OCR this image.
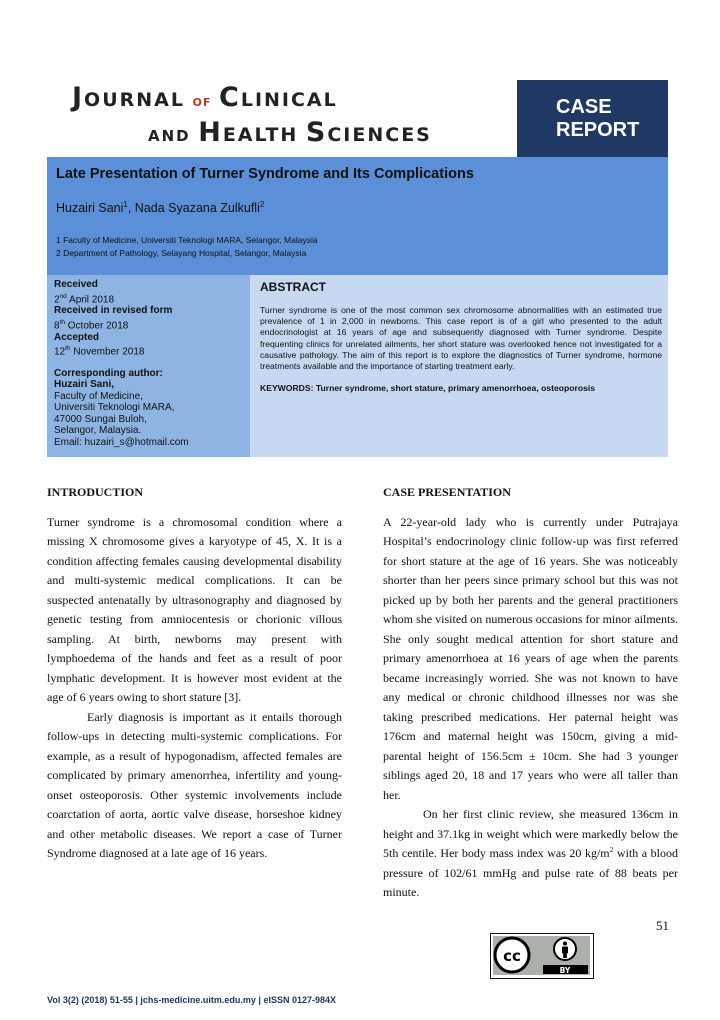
JOURNAL OF CLINICAL
AND HEALTH SCIENCES
CASE
REPORT
Late Presentation of Turner Syndrome and Its Complications
Huzairi Sani$^1$, Nada Syazana Zulkufli$^2$
1 Faculty of Medicine, Universiti Teknologi MARA, Selangor, Malaysia
2 Department of Pathology, Selayang Hospital, Selangor, Malaysia
Received
2nd April 2018
Received in revised form
8th October 2018
Accepted
12th November 2018
Corresponding author:
Huzairi Sani,
Faculty of Medicine,
Universiti Teknologi MARA,
47000 Sungai Buloh,
Selangor, Malaysia.
Email: huzairi_s@hotmail.com
ABSTRACT

Turner syndrome is one of the most common sex chromosome abnormalities with an estimated true prevalence of 1 in 2,000 in newborns. This case report is of a girl who presented to the adult endocrinologist at 16 years of age and subsequently diagnosed with Turner syndrome. Despite frequenting clinics for unrelated ailments, her short stature was overlooked hence not investigated for a causative pathology. The aim of this report is to explore the diagnostics of Turner syndrome, hormone treatments available and the importance of starting treatment early.

KEYWORDS: Turner syndrome, short stature, primary amenorrhoea, osteoporosis
INTRODUCTION

Turner syndrome is a chromosomal condition where a missing X chromosome gives a karyotype of 45, X. It is a condition affecting females causing developmental disability and multi-systemic medical complications. It can be suspected antenatally by ultrasonography and diagnosed by genetic testing from amniocentesis or chorionic villous sampling. At birth, newborns may present with lymphoedema of the hands and feet as a result of poor lymphatic development. It is however most evident at the age of 6 years owing to short stature [3].

Early diagnosis is important as it entails thorough follow-ups in detecting multi-systemic complications. For example, as a result of hypogonadism, affected females are complicated by primary amenorrhea, infertility and young-onset osteoporosis. Other systemic involvements include coarctation of aorta, aortic valve disease, horseshoe kidney and other metabolic diseases. We report a case of Turner Syndrome diagnosed at a late age of 16 years.

CASE PRESENTATION

A 22-year-old lady who is currently under Putrajaya Hospital’s endocrinology clinic follow-up was first referred for short stature at the age of 16 years. She was noticeably shorter than her peers since primary school but this was not picked up by both her parents and the general practitioners whom she visited on numerous occasions for minor ailments. She only sought medical attention for short stature and primary amenorrhoea at 16 years of age when the parents became increasingly worried. She was not known to have any medical or chronic childhood illnesses nor was she taking prescribed medications. Her paternal height was 176cm and maternal height was 150cm, giving a mid-parental height of 156.5cm ± 10cm. She had 3 younger siblings aged 20, 18 and 17 years who were all taller than her.

On her first clinic review, she measured 136cm in height and 37.1kg in weight which were markedly below the 5th centile. Her body mass index was 20 $kg/m^2$ with a blood pressure of 102/61 mmHg and pulse rate of 88 beats per minute.

51
cc
BY
Vol 3(2) (2018) 51-55 | jchs-medicine.uitm.edu.my | eISSN 0127-984X
